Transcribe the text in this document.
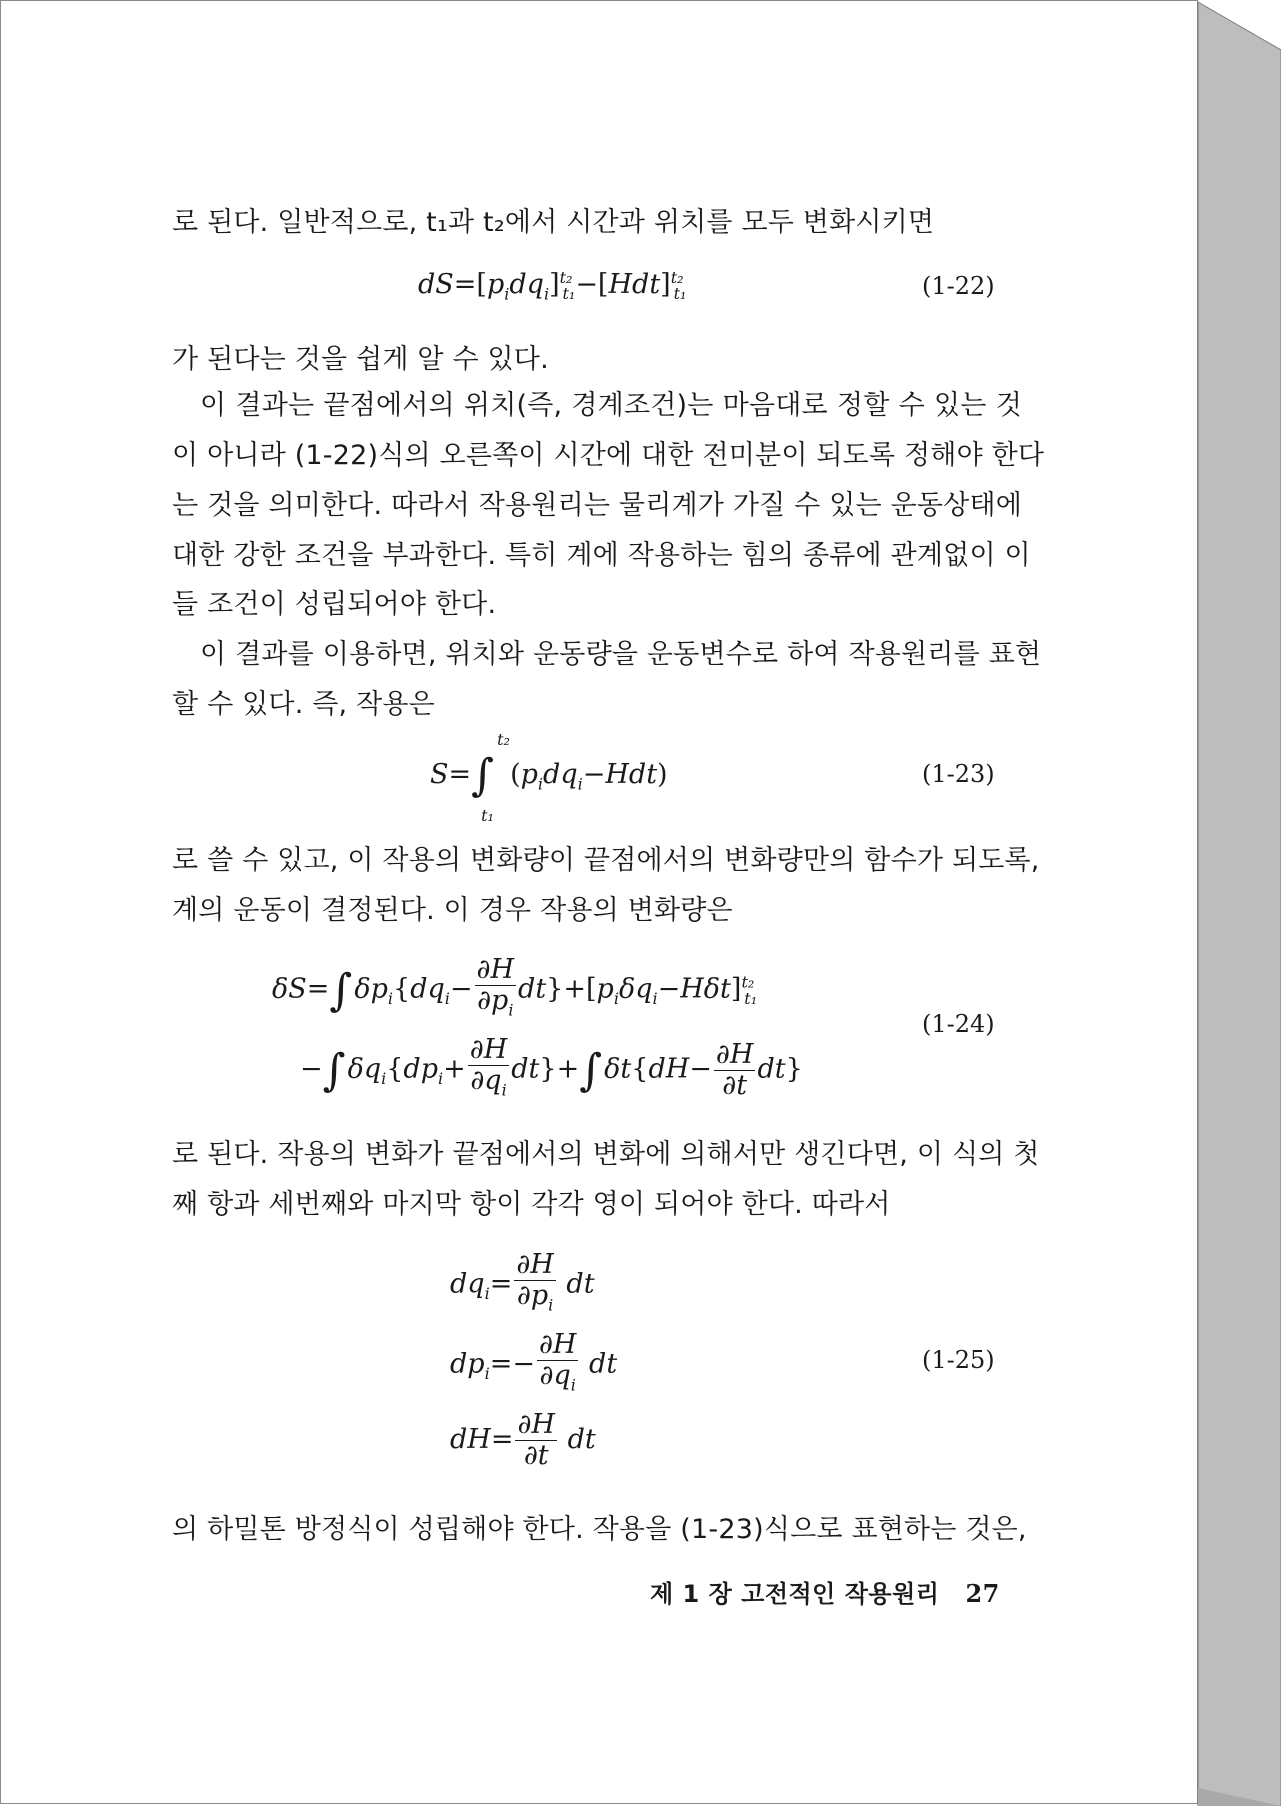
로 된다. 일반적으로, t₁과 t₂에서 시간과 위치를 모두 변화시키면
$dS=[p_idq_i]^{t_2}_{t_1}-[Hdt]^{t_2}_{t_1}$	(1-22)
가 된다는 것을 쉽게 알 수 있다.
이 결과는 끝점에서의 위치(즉, 경계조건)는 마음대로 정할 수 있는 것
이 아니라 (1-22)식의 오른쪽이 시간에 대한 전미분이 되도록 정해야 한다
는 것을 의미한다. 따라서 작용원리는 물리계가 가질 수 있는 운동상태에
대한 강한 조건을 부과한다. 특히 계에 작용하는 힘의 종류에 관계없이 이
들 조건이 성립되어야 한다.
이 결과를 이용하면, 위치와 운동량을 운동변수로 하여 작용원리를 표현
할 수 있다. 즉, 작용은
S=∫
t₂
t₁
$(p_idq_i-Hdt)$	(1-23)
로 쓸 수 있고, 이 작용의 변화량이 끝점에서의 변화량만의 함수가 되도록,
계의 운동이 결정된다. 이 경우 작용의 변화량은
$\delta S=\int\delta p_i\{dq_i- \frac{\partial H}{\partial p_i} dt\}+[p_i\delta q_i-H\delta t]^{t_2}_{t_1}$
$-\int\delta q_i\{dp_i+ \frac{\partial H}{\partial q_i} dt\}+\int\delta t\{dH- \frac{\partial H}{\partial t} dt\}$
(1-24)
로 된다. 작용의 변화가 끝점에서의 변화에 의해서만 생긴다면, 이 식의 첫
째 항과 세번째와 마지막 항이 각각 영이 되어야 한다. 따라서
$dq_i= \frac{\partial H}{\partial p_i}$ dt
$dp_i=- \frac{\partial H}{\partial q_i}$ dt
$dH= \frac{\partial H}{\partial t}$ dt
(1-25)
의 하밀톤 방정식이 성립해야 한다. 작용을 (1-23)식으로 표현하는 것은,
제 1 장 고전적인 작용원리 27
